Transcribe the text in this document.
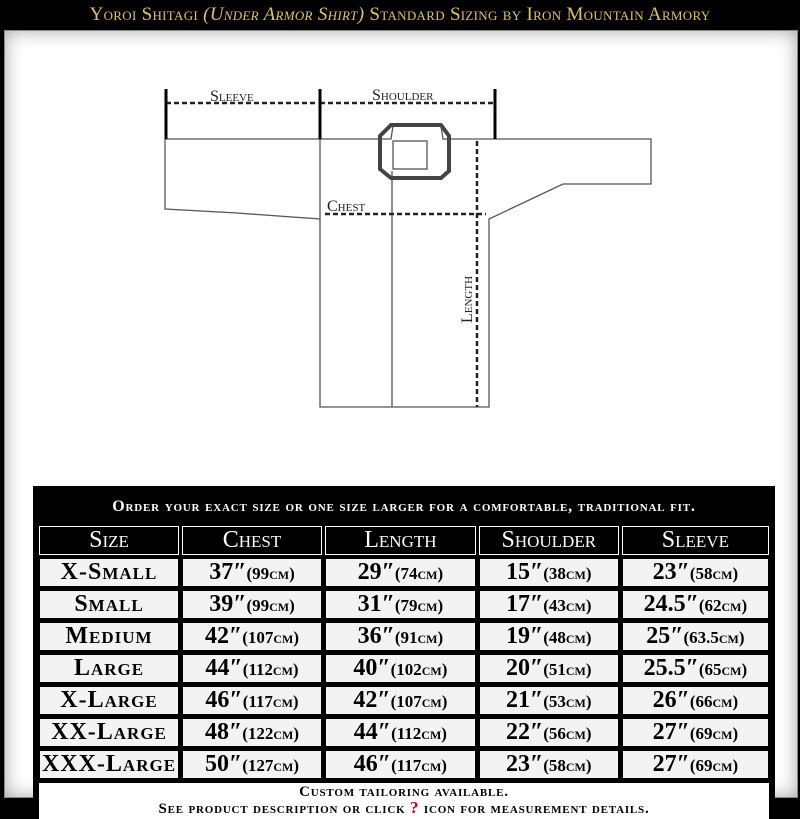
Yoroi Shitagi (Under Armor Shirt) Standard Sizing by Iron Mountain Armory
Sleeve	Shoulder
Chest
Length
Order your exact size or one size larger for a comfortable, traditional fit.
Size	Chest	Length	Shoulder	Sleeve
X-Small	37″(99cm)	29″(74cm)	15″(38cm)	23″(58cm)
Small	39″(99cm)	31″(79cm)	17″(43cm)	24.5″(62cm)
Medium	42″(107cm)	36″(91cm)	19″(48cm)	25″(63.5cm)
Large	44″(112cm)	40″(102cm)	20″(51cm)	25.5″(65cm)
X-Large	46″(117cm)	42″(107cm)	21″(53cm)	26″(66cm)
XX-Large	48″(122cm)	44″(112cm)	22″(56cm)	27″(69cm)
XXX-Large	50″(127cm)	46″(117cm)	23″(58cm)	27″(69cm)
Custom tailoring available.
See product description or click ? icon for measurement details.
